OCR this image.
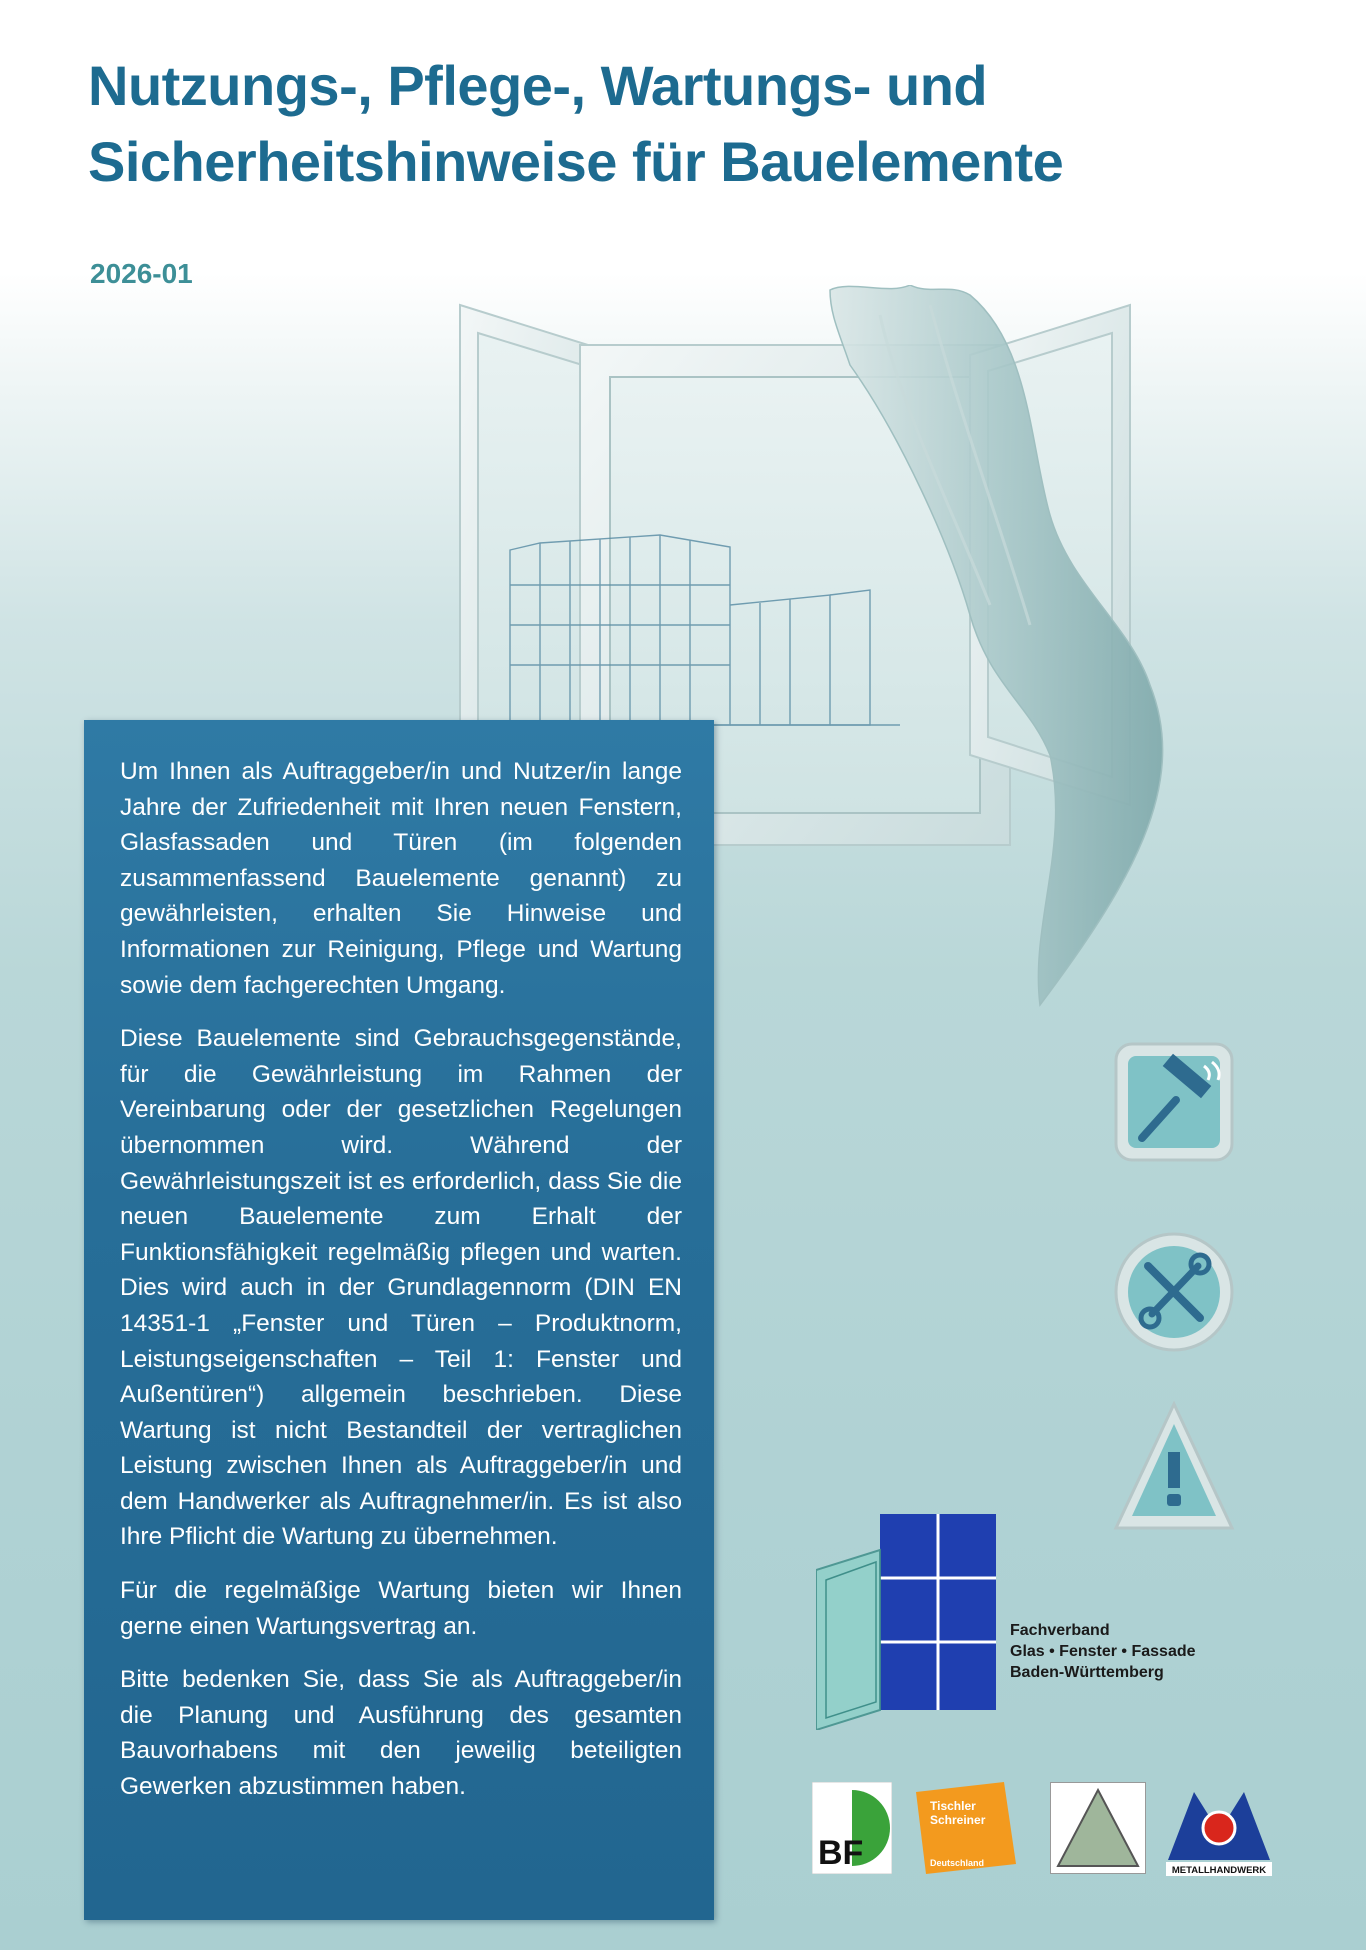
Nutzungs-, Pflege-, Wartungs- und
Sicherheitshinweise für Bauelemente
2026-01

Um Ihnen als Auftraggeber/in und Nutzer/in lange Jahre der Zufriedenheit mit Ihren neuen Fenstern, Glasfassaden und Türen (im folgenden zusammenfassend Bauelemente genannt) zu gewährleisten, erhalten Sie Hinweise und Informationen zur Reinigung, Pflege und Wartung sowie dem fachgerechten Umgang.

Diese Bauelemente sind Gebrauchsgegenstände, für die Gewährleistung im Rahmen der Vereinbarung oder der gesetzlichen Regelungen übernommen wird. Während der Gewährleistungszeit ist es erforderlich, dass Sie die neuen Bauelemente zum Erhalt der Funktionsfähigkeit regelmäßig pflegen und warten. Dies wird auch in der Grundlagennorm (DIN EN 14351-1 „Fenster und Türen – Produktnorm, Leistungseigenschaften – Teil 1: Fenster und Außentüren“) allgemein beschrieben. Diese Wartung ist nicht Bestandteil der vertraglichen Leistung zwischen Ihnen als Auftraggeber/in und dem Handwerker als Auftragnehmer/in. Es ist also Ihre Pflicht die Wartung zu übernehmen.

Für die regelmäßige Wartung bieten wir Ihnen gerne einen Wartungsvertrag an.

Bitte bedenken Sie, dass Sie als Auftraggeber/in die Planung und Ausführung des gesamten Bauvorhabens mit den jeweilig beteiligten Gewerken abzustimmen haben.

Fachverband
Glas • Fenster • Fassade
Baden-Württemberg
BF
Tischler
Schreiner
Deutschland
METALLHANDWERK
